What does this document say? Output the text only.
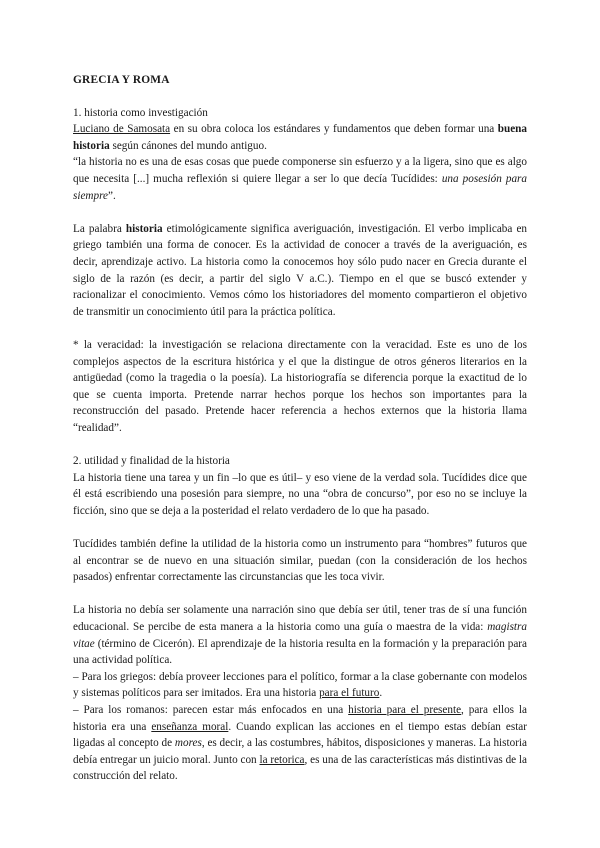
GRECIA Y ROMA

1. historia como investigación

Luciano de Samosata en su obra coloca los estándares y fundamentos que deben formar una buena historia según cánones del mundo antiguo.

“la historia no es una de esas cosas que puede componerse sin esfuerzo y a la ligera, sino que es algo que necesita [...] mucha reflexión si quiere llegar a ser lo que decía Tucídides: una posesión para siempre”.

La palabra historia etimológicamente significa averiguación, investigación. El verbo implicaba en griego también una forma de conocer. Es la actividad de conocer a través de la averiguación, es decir, aprendizaje activo. La historia como la conocemos hoy sólo pudo nacer en Grecia durante el siglo de la razón (es decir, a partir del siglo V a.C.). Tiempo en el que se buscó extender y racionalizar el conocimiento. Vemos cómo los historiadores del momento compartieron el objetivo de transmitir un conocimiento útil para la práctica política.

* la veracidad: la investigación se relaciona directamente con la veracidad. Este es uno de los complejos aspectos de la escritura histórica y el que la distingue de otros géneros literarios en la antigüedad (como la tragedia o la poesía). La historiografía se diferencia porque la exactitud de lo que se cuenta importa. Pretende narrar hechos porque los hechos son importantes para la reconstrucción del pasado. Pretende hacer referencia a hechos externos que la historia llama “realidad”.

2. utilidad y finalidad de la historia

La historia tiene una tarea y un fin –lo que es útil– y eso viene de la verdad sola. Tucídides dice que él está escribiendo una posesión para siempre, no una “obra de concurso”, por eso no se incluye la ficción, sino que se deja a la posteridad el relato verdadero de lo que ha pasado.

Tucídides también define la utilidad de la historia como un instrumento para “hombres” futuros que al encontrar se de nuevo en una situación similar, puedan (con la consideración de los hechos pasados) enfrentar correctamente las circunstancias que les toca vivir.

La historia no debía ser solamente una narración sino que debía ser útil, tener tras de sí una función educacional. Se percibe de esta manera a la historia como una guía o maestra de la vida: magistra vitae (término de Cicerón). El aprendizaje de la historia resulta en la formación y la preparación para una actividad política.

– Para los griegos: debía proveer lecciones para el político, formar a la clase gobernante con modelos y sistemas políticos para ser imitados. Era una historia para el futuro.

– Para los romanos: parecen estar más enfocados en una historia para el presente, para ellos la historia era una enseñanza moral. Cuando explican las acciones en el tiempo estas debían estar ligadas al concepto de mores, es decir, a las costumbres, hábitos, disposiciones y maneras. La historia debía entregar un juicio moral. Junto con la retorica, es una de las características más distintivas de la construcción del relato.
